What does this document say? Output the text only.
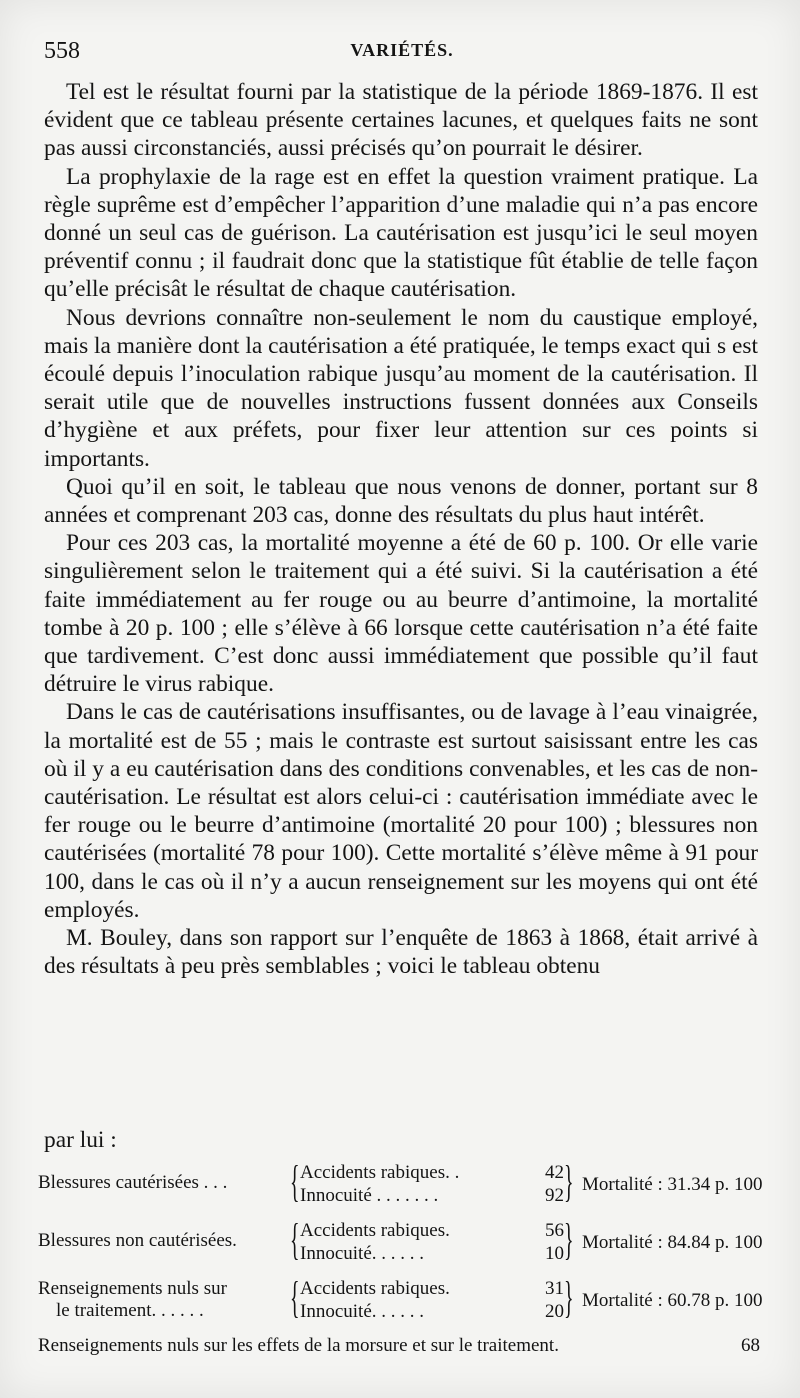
558	VARIÉTÉS.

Tel est le résultat fourni par la statistique de la période 1869-1876. Il est évident que ce tableau présente certaines lacunes, et quelques faits ne sont pas aussi circonstanciés, aussi précisés qu’on pourrait le désirer.

La prophylaxie de la rage est en effet la question vraiment pratique. La règle suprême est d’empêcher l’apparition d’une maladie qui n’a pas encore donné un seul cas de guérison. La cautérisation est jusqu’ici le seul moyen préventif connu ; il faudrait donc que la statistique fût établie de telle façon qu’elle précisât le résultat de chaque cautérisation.

Nous devrions connaître non-seulement le nom du caustique employé, mais la manière dont la cautérisation a été pratiquée, le temps exact qui s est écoulé depuis l’inoculation rabique jusqu’au moment de la cautérisation. Il serait utile que de nouvelles instructions fussent données aux Conseils d’hygiène et aux préfets, pour fixer leur attention sur ces points si importants.

Quoi qu’il en soit, le tableau que nous venons de donner, portant sur 8 années et comprenant 203 cas, donne des résultats du plus haut intérêt.

Pour ces 203 cas, la mortalité moyenne a été de 60 p. 100. Or elle varie singulièrement selon le traitement qui a été suivi. Si la cautérisation a été faite immédiatement au fer rouge ou au beurre d’antimoine, la mortalité tombe à 20 p. 100 ; elle s’élève à 66 lorsque cette cautérisation n’a été faite que tardivement. C’est donc aussi immédiatement que possible qu’il faut détruire le virus rabique.

Dans le cas de cautérisations insuffisantes, ou de lavage à l’eau vinaigrée, la mortalité est de 55 ; mais le contraste est surtout saisissant entre les cas où il y a eu cautérisation dans des conditions convenables, et les cas de non-cautérisation. Le résultat est alors celui-ci : cautérisation immédiate avec le fer rouge ou le beurre d’antimoine (mortalité 20 pour 100) ; blessures non cautérisées (mortalité 78 pour 100). Cette mortalité s’élève même à 91 pour 100, dans le cas où il n’y a aucun renseignement sur les moyens qui ont été employés.

M. Bouley, dans son rapport sur l’enquête de 1863 à 1868, était arrivé à des résultats à peu près semblables ; voici le tableau obtenu

par lui :
Blessures cautérisées . . . { Accidents rabiques. .	42
Innocuité . . . . . . .	92 } Mortalité : 31.34 p. 100
Blessures non cautérisées. { Accidents rabiques.	56
Innocuité. . . . . .	10 } Mortalité : 84.84 p. 100
Renseignements nuls sur
le traitement. . . . . .	{ Accidents rabiques.	31
Innocuité. . . . . .	20 } Mortalité : 60.78 p. 100
Renseignements nuls sur les effets de la morsure et sur le traitement.	68
